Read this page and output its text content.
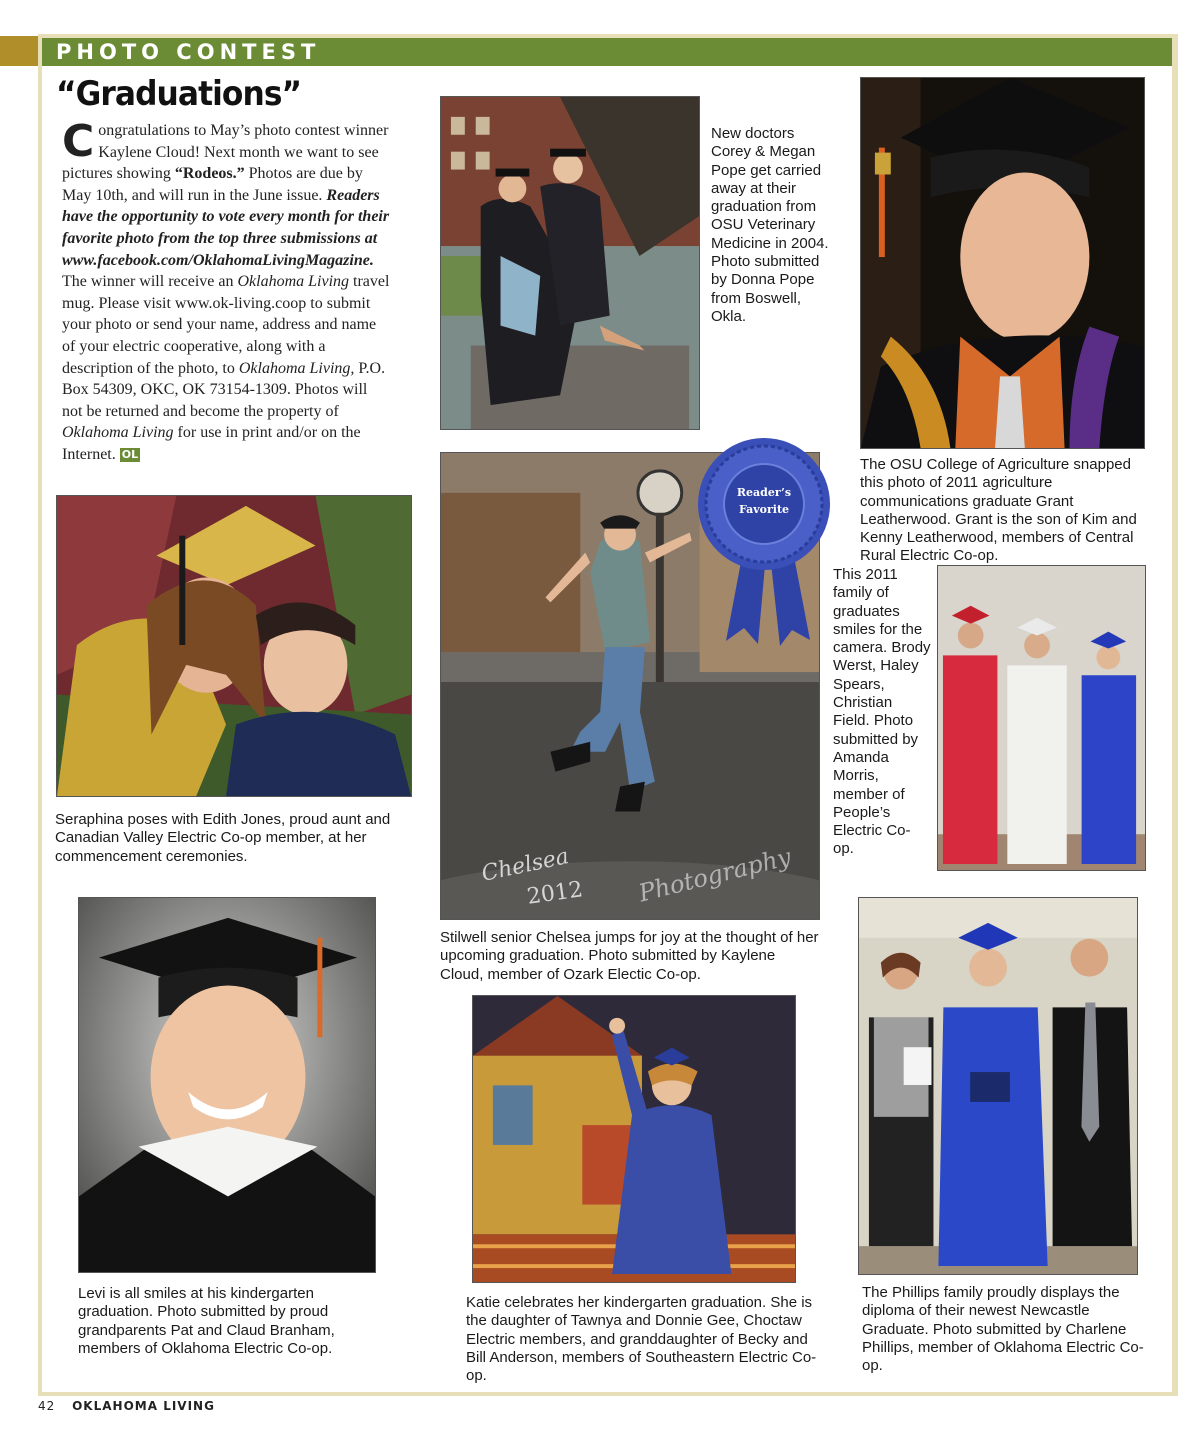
PHOTO CONTEST
“Graduations”
Congratulations to May’s photo contest winner Kaylene Cloud! Next month we want to see pictures showing “Rodeos.” Photos are due by May 10th, and will run in the June issue. Readers have the opportunity to vote every month for their favorite photo from the top three submissions at www.facebook.com/OklahomaLivingMagazine. The winner will receive an Oklahoma Living travel mug. Please visit www.ok-living.coop to submit your photo or send your name, address and name of your electric cooperative, along with a description of the photo, to Oklahoma Living, P.O. Box 54309, OKC, OK 73154-1309. Photos will not be returned and become the property of Oklahoma Living for use in print and/or on the Internet. OL
New doctors Corey & Megan Pope get carried away at their graduation from OSU Veterinary Medicine in 2004. Photo submitted by Donna Pope from Boswell, Okla.
The OSU College of Agriculture snapped this photo of 2011 agriculture communications graduate Grant Leatherwood. Grant is the son of Kim and Kenny Leatherwood, members of Central Rural Electric Co-op.
Chelsea
2012 Photography
Stilwell senior Chelsea jumps for joy at the thought of her upcoming graduation. Photo submitted by Kaylene Cloud, member of Ozark Electic Co-op.
Reader’s
Favorite
This 2011 family of graduates smiles for the camera. Brody Werst, Haley Spears, Christian Field. Photo submitted by Amanda Morris, member of People’s Electric Co-op.
Seraphina poses with Edith Jones, proud aunt and Canadian Valley Electric Co-op member, at her commencement ceremonies.
Levi is all smiles at his kindergarten graduation. Photo submitted by proud grandparents Pat and Claud Branham, members of Oklahoma Electric Co-op.
Katie celebrates her kindergarten graduation. She is the daughter of Tawnya and Donnie Gee, Choctaw Electric members, and granddaughter of Becky and Bill Anderson, members of Southeastern Electric Co-op.
The Phillips family proudly displays the diploma of their newest Newcastle Graduate. Photo submitted by Charlene Phillips, member of Oklahoma Electric Co-op.
42 OKLAHOMA LIVING
